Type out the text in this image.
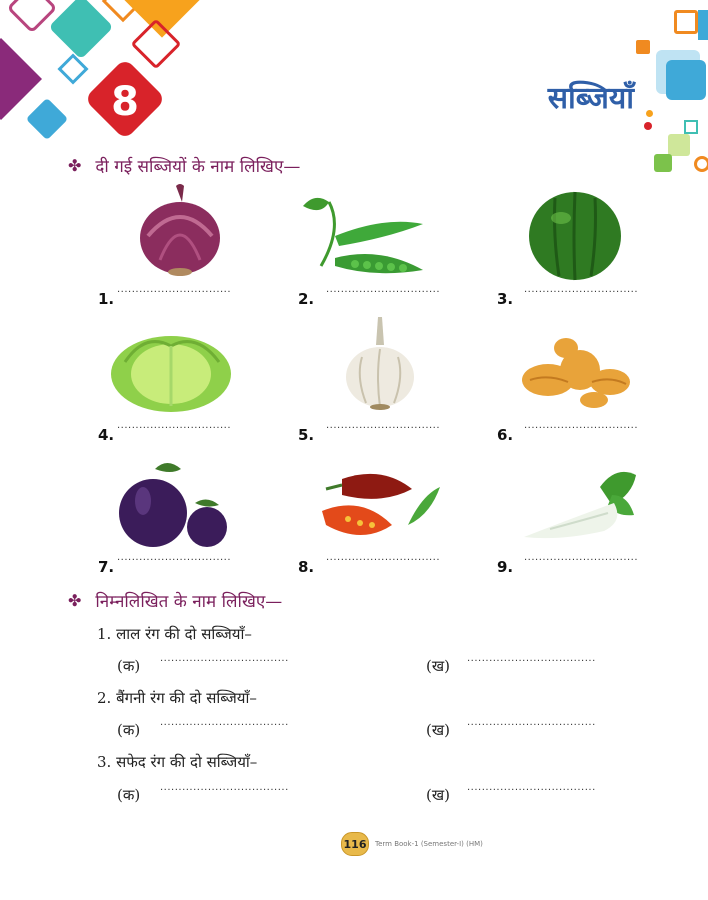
8	सब्जियाँ
✤ दी गई सब्जियों के नाम लिखिए—
1.
...............................
2.
...............................
3.
...............................
4.
...............................
5.
...............................
6.
...............................
7.
...............................
8.
...............................
9.
...............................
✤ निम्नलिखित के नाम लिखिए—
1. लाल रंग की दो सब्जियाँ–
(क) ...................................	(ख) ...................................
2. बैंगनी रंग की दो सब्जियाँ–
(क) ...................................	(ख) ...................................
3. सफेद रंग की दो सब्जियाँ–
(क) ...................................	(ख) ...................................
116	Term Book-1 (Semester-I) (HM)
